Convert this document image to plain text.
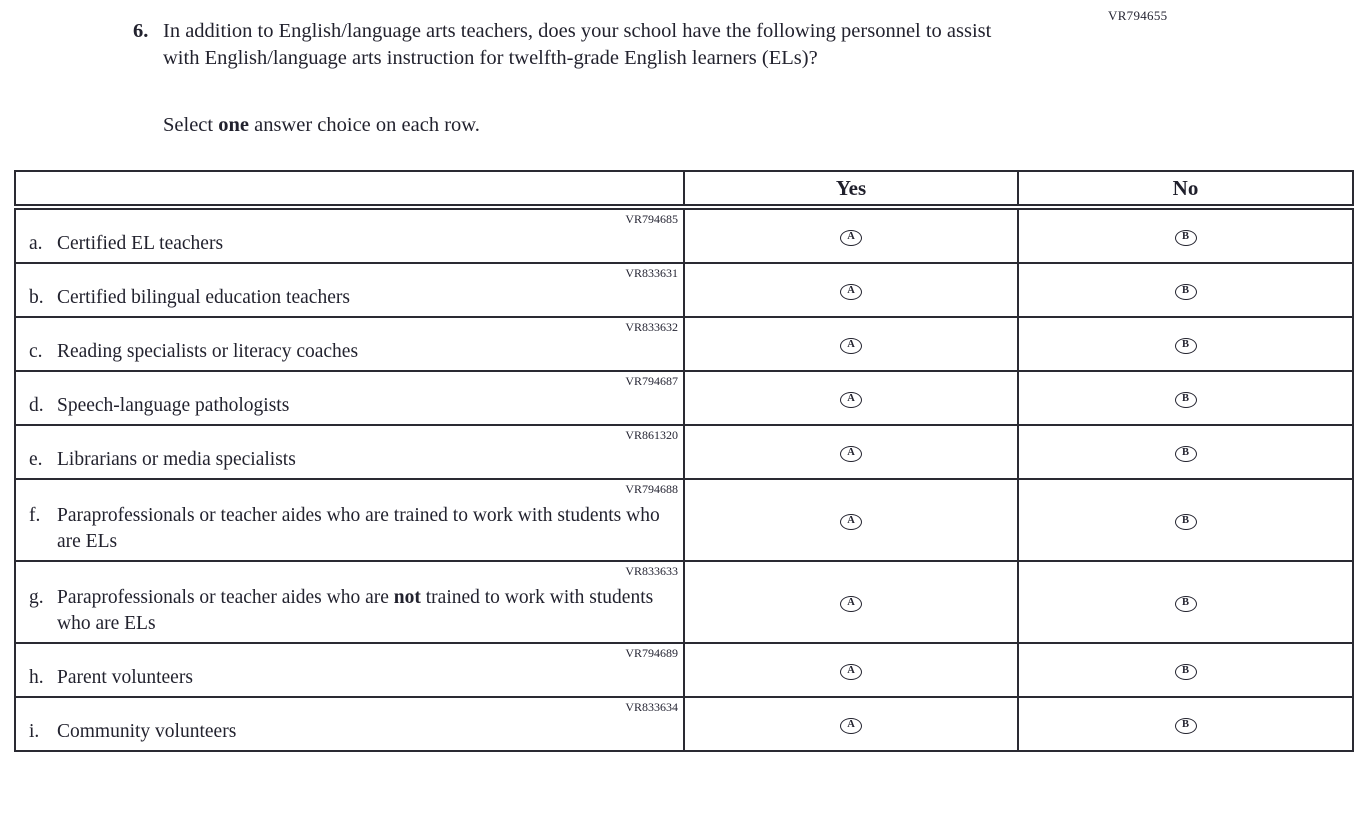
VR794655
6. In addition to English/language arts teachers, does your school have the following personnel to assist with English/language arts instruction for twelfth-grade English learners (ELs)?
Select one answer choice on each row.
	Yes	No

VR794685
a. Certified EL teachers	A	B

VR833631
b. Certified bilingual education teachers	A	B

VR833632
c. Reading specialists or literacy coaches	A	B

VR794687
d. Speech-language pathologists	A	B

VR861320
e. Librarians or media specialists	A	B

VR794688
f. Paraprofessionals or teacher aides who are trained to work with students who are ELs	A	B

VR833633
g. Paraprofessionals or teacher aides who are not trained to work with students who are ELs	A	B

VR794689
h. Parent volunteers	A	B

VR833634
i. Community volunteers	A	B
